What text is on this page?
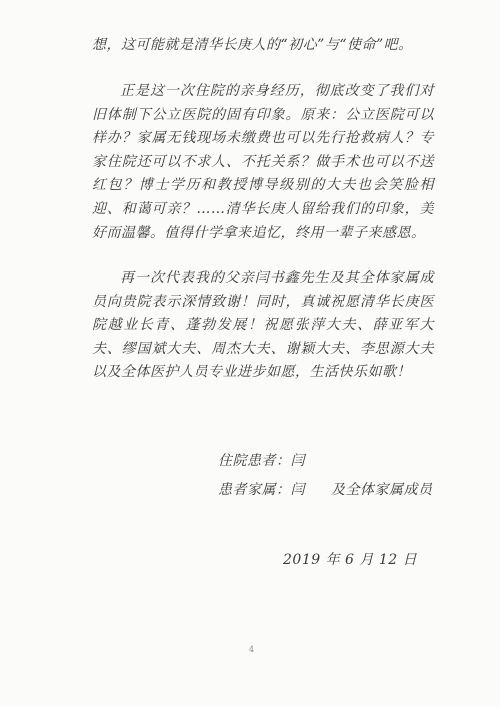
想，这可能就是清华长庚人的“初心”与“使命”吧。

正是这一次住院的亲身经历，彻底改变了我们对旧体制下公立医院的固有印象。原来：公立医院可以样办？家属无钱现场未缴费也可以先行抢救病人？专家住院还可以不求人、不托关系？做手术也可以不送红包？博士学历和教授博导级别的大夫也会笑脸相迎、和蔼可亲？……清华长庚人留给我们的印象，美好而温馨。值得什学拿来追忆，终用一辈子来感恩。

再一次代表我的父亲闫书鑫先生及其全体家属成员向贵院表示深情致谢！同时，真诚祝愿清华长庚医院越业长青、蓬勃发展！祝愿张萍大夫、薛亚军大夫、缪国斌大夫、周杰大夫、谢颖大夫、李思源大夫以及全体医护人员专业进步如愿，生活快乐如歌！

住院患者：闫
患者家属：闫 及全体家属成员
2019 年 6 月 12 日
4
